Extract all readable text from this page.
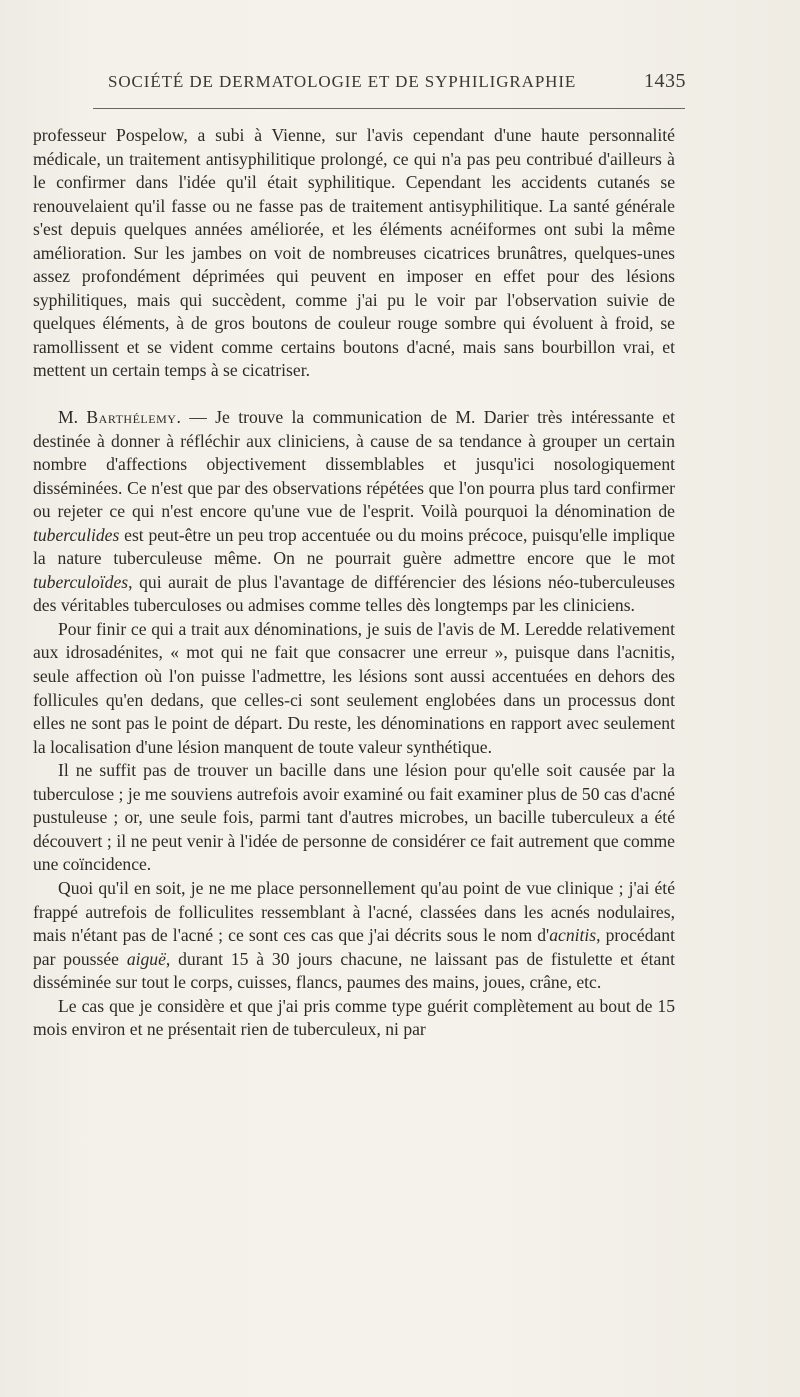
SOCIÉTÉ DE DERMATOLOGIE ET DE SYPHILIGRAPHIE	1435

professeur Pospelow, a subi à Vienne, sur l'avis cependant d'une haute personnalité médicale, un traitement antisyphilitique prolongé, ce qui n'a pas peu contribué d'ailleurs à le confirmer dans l'idée qu'il était syphilitique. Cependant les accidents cutanés se renouvelaient qu'il fasse ou ne fasse pas de traitement antisyphilitique. La santé générale s'est depuis quelques années améliorée, et les éléments acnéiformes ont subi la même amélioration. Sur les jambes on voit de nombreuses cicatrices brunâtres, quelques-unes assez profondément déprimées qui peuvent en imposer en effet pour des lésions syphilitiques, mais qui succèdent, comme j'ai pu le voir par l'observation suivie de quelques éléments, à de gros boutons de couleur rouge sombre qui évoluent à froid, se ramollissent et se vident comme certains boutons d'acné, mais sans bourbillon vrai, et mettent un certain temps à se cicatriser.

M. Barthélemy. — Je trouve la communication de M. Darier très intéressante et destinée à donner à réfléchir aux cliniciens, à cause de sa tendance à grouper un certain nombre d'affections objectivement dissemblables et jusqu'ici nosologiquement disséminées. Ce n'est que par des observations répétées que l'on pourra plus tard confirmer ou rejeter ce qui n'est encore qu'une vue de l'esprit. Voilà pourquoi la dénomination de tuberculides est peut-être un peu trop accentuée ou du moins précoce, puisqu'elle implique la nature tuberculeuse même. On ne pourrait guère admettre encore que le mot tuberculoïdes, qui aurait de plus l'avantage de différencier des lésions néo-tuberculeuses des véritables tuberculoses ou admises comme telles dès longtemps par les cliniciens.

Pour finir ce qui a trait aux dénominations, je suis de l'avis de M. Leredde relativement aux idrosadénites, « mot qui ne fait que consacrer une erreur », puisque dans l'acnitis, seule affection où l'on puisse l'admettre, les lésions sont aussi accentuées en dehors des follicules qu'en dedans, que celles-ci sont seulement englobées dans un processus dont elles ne sont pas le point de départ. Du reste, les dénominations en rapport avec seulement la localisation d'une lésion manquent de toute valeur synthétique.

Il ne suffit pas de trouver un bacille dans une lésion pour qu'elle soit causée par la tuberculose ; je me souviens autrefois avoir examiné ou fait examiner plus de 50 cas d'acné pustuleuse ; or, une seule fois, parmi tant d'autres microbes, un bacille tuberculeux a été découvert ; il ne peut venir à l'idée de personne de considérer ce fait autrement que comme une coïncidence.

Quoi qu'il en soit, je ne me place personnellement qu'au point de vue clinique ; j'ai été frappé autrefois de folliculites ressemblant à l'acné, classées dans les acnés nodulaires, mais n'étant pas de l'acné ; ce sont ces cas que j'ai décrits sous le nom d'acnitis, procédant par poussée aiguë, durant 15 à 30 jours chacune, ne laissant pas de fistulette et étant disséminée sur tout le corps, cuisses, flancs, paumes des mains, joues, crâne, etc.

Le cas que je considère et que j'ai pris comme type guérit complètement au bout de 15 mois environ et ne présentait rien de tuberculeux, ni par
